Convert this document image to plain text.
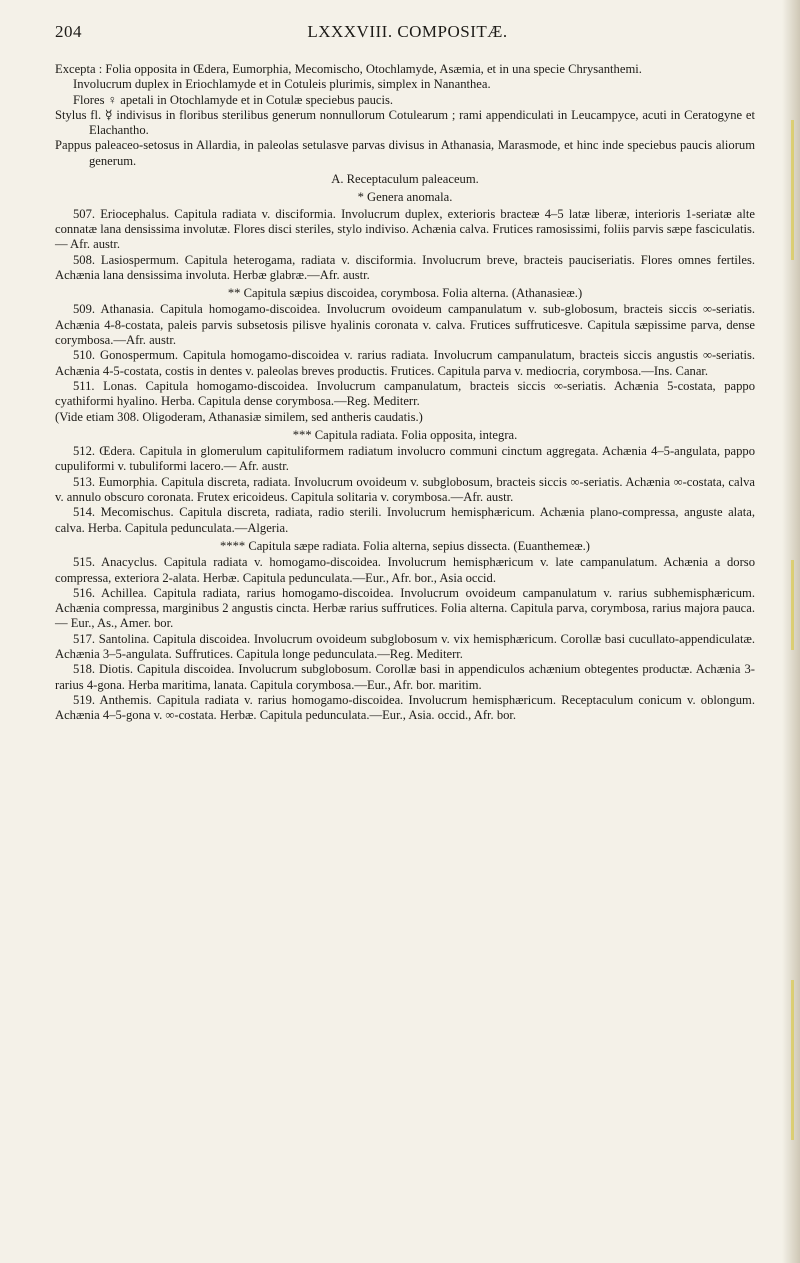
204	LXXXVIII. COMPOSITÆ.

Excepta : Folia opposita in Œdera, Eumorphia, Mecomischo, Otochlamyde, Asæmia, et in una specie Chrysanthemi.

Involucrum duplex in Eriochlamyde et in Cotuleis plurimis, simplex in Nananthea.

Flores ♀ apetali in Otochlamyde et in Cotulæ speciebus paucis.

Stylus fl. ☿ indivisus in floribus sterilibus generum nonnullorum Cotulearum ; rami appendiculati in Leucampyce, acuti in Ceratogyne et Elachantho.

Pappus paleaceo-setosus in Allardia, in paleolas setulasve parvas divisus in Athanasia, Marasmode, et hinc inde speciebus paucis aliorum generum.

A. Receptaculum paleaceum.

* Genera anomala.

507. Eriocephalus. Capitula radiata v. disciformia. Involucrum duplex, exterioris bracteæ 4–5 latæ liberæ, interioris 1-seriatæ alte connatæ lana densissima involutæ. Flores disci steriles, stylo indiviso. Achænia calva. Frutices ramosissimi, foliis parvis sæpe fasciculatis.— Afr. austr.

508. Lasiospermum. Capitula heterogama, radiata v. disciformia. Involucrum breve, bracteis pauciseriatis. Flores omnes fertiles. Achænia lana densissima involuta. Herbæ glabræ.—Afr. austr.

** Capitula sæpius discoidea, corymbosa. Folia alterna. (Athanasieæ.)

509. Athanasia. Capitula homogamo-discoidea. Involucrum ovoideum campanulatum v. sub-globosum, bracteis siccis ∞-seriatis. Achænia 4-8-costata, paleis parvis subsetosis pilisve hyalinis coronata v. calva. Frutices suffruticesve. Capitula sæpissime parva, dense corymbosa.—Afr. austr.

510. Gonospermum. Capitula homogamo-discoidea v. rarius radiata. Involucrum campanulatum, bracteis siccis angustis ∞-seriatis. Achænia 4-5-costata, costis in dentes v. paleolas breves productis. Frutices. Capitula parva v. mediocria, corymbosa.—Ins. Canar.

511. Lonas. Capitula homogamo-discoidea. Involucrum campanulatum, bracteis siccis ∞-seriatis. Achænia 5-costata, pappo cyathiformi hyalino. Herba. Capitula dense corymbosa.—Reg. Mediterr.

(Vide etiam 308. Oligoderam, Athanasiæ similem, sed antheris caudatis.)

*** Capitula radiata. Folia opposita, integra.

512. Œdera. Capitula in glomerulum capituliformem radiatum involucro communi cinctum aggregata. Achænia 4–5-angulata, pappo cupuliformi v. tubuliformi lacero.— Afr. austr.

513. Eumorphia. Capitula discreta, radiata. Involucrum ovoideum v. subglobosum, bracteis siccis ∞-seriatis. Achænia ∞-costata, calva v. annulo obscuro coronata. Frutex ericoideus. Capitula solitaria v. corymbosa.—Afr. austr.

514. Mecomischus. Capitula discreta, radiata, radio sterili. Involucrum hemisphæricum. Achænia plano-compressa, anguste alata, calva. Herba. Capitula pedunculata.—Algeria.

**** Capitula sæpe radiata. Folia alterna, sepius dissecta. (Euanthemeæ.)

515. Anacyclus. Capitula radiata v. homogamo-discoidea. Involucrum hemisphæricum v. late campanulatum. Achænia a dorso compressa, exteriora 2-alata. Herbæ. Capitula pedunculata.—Eur., Afr. bor., Asia occid.

516. Achillea. Capitula radiata, rarius homogamo-discoidea. Involucrum ovoideum campanulatum v. rarius subhemisphæricum. Achænia compressa, marginibus 2 angustis cincta. Herbæ rarius suffrutices. Folia alterna. Capitula parva, corymbosa, rarius majora pauca.— Eur., As., Amer. bor.

517. Santolina. Capitula discoidea. Involucrum ovoideum subglobosum v. vix hemisphæricum. Corollæ basi cucullato-appendiculatæ. Achænia 3–5-angulata. Suffrutices. Capitula longe pedunculata.—Reg. Mediterr.

518. Diotis. Capitula discoidea. Involucrum subglobosum. Corollæ basi in appendiculos achænium obtegentes productæ. Achænia 3- rarius 4-gona. Herba maritima, lanata. Capitula corymbosa.—Eur., Afr. bor. maritim.

519. Anthemis. Capitula radiata v. rarius homogamo-discoidea. Involucrum hemisphæricum. Receptaculum conicum v. oblongum. Achænia 4–5-gona v. ∞-costata. Herbæ. Capitula pedunculata.—Eur., Asia. occid., Afr. bor.
